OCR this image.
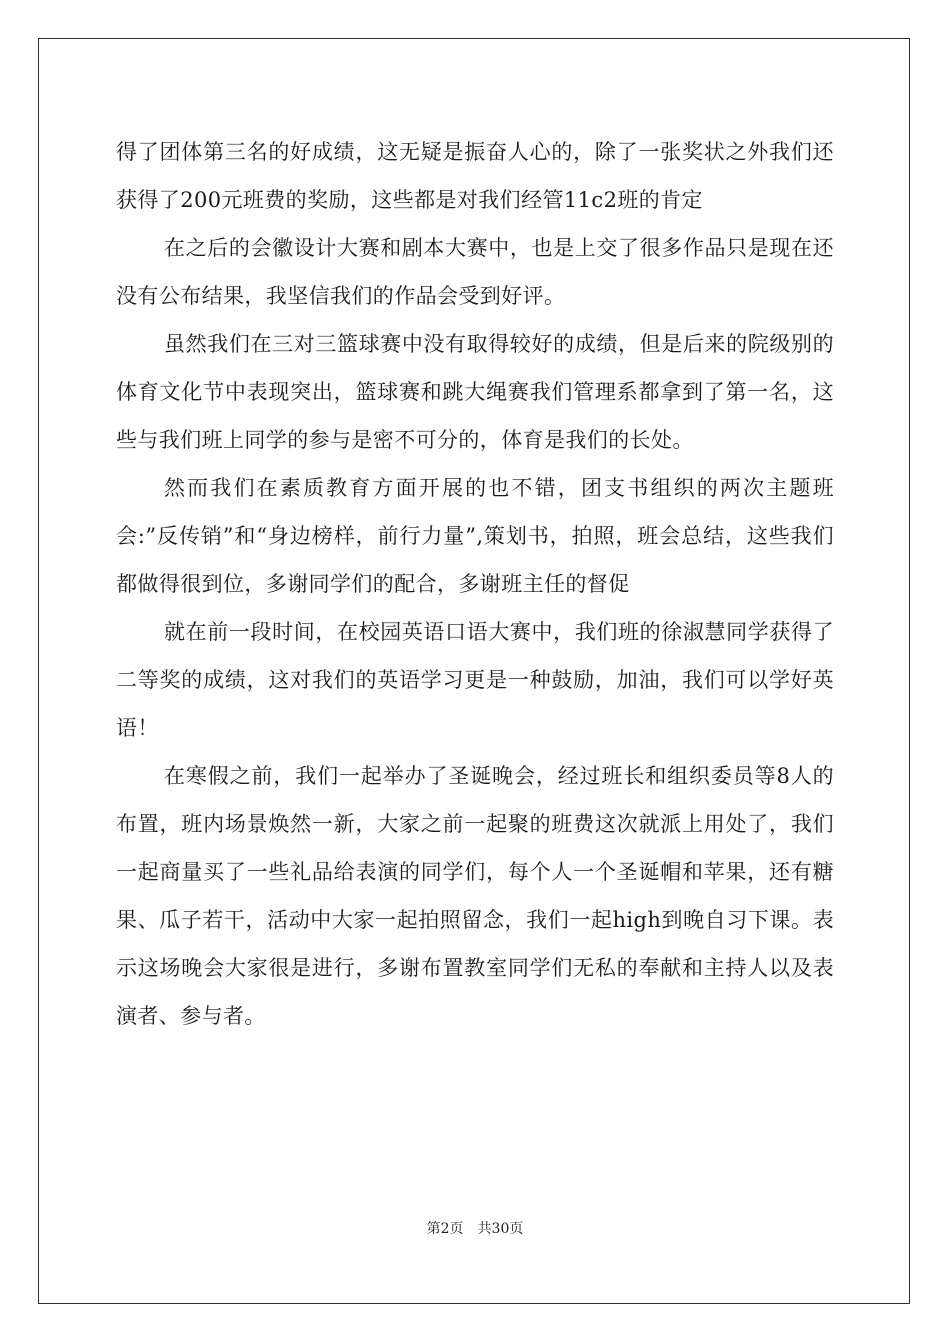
得了团体第三名的好成绩，这无疑是振奋人心的，除了一张奖状之外我们还获得了200元班费的奖励，这些都是对我们经管11c2班的肯定

在之后的会徽设计大赛和剧本大赛中，也是上交了很多作品只是现在还没有公布结果，我坚信我们的作品会受到好评。

虽然我们在三对三篮球赛中没有取得较好的成绩，但是后来的院级别的体育文化节中表现突出，篮球赛和跳大绳赛我们管理系都拿到了第一名，这些与我们班上同学的参与是密不可分的，体育是我们的长处。

然而我们在素质教育方面开展的也不错，团支书组织的两次主题班会:”反传销”和“身边榜样，前行力量”,策划书，拍照，班会总结，这些我们都做得很到位，多谢同学们的配合，多谢班主任的督促

就在前一段时间，在校园英语口语大赛中，我们班的徐淑慧同学获得了二等奖的成绩，这对我们的英语学习更是一种鼓励，加油，我们可以学好英语！

在寒假之前，我们一起举办了圣诞晚会，经过班长和组织委员等8人的布置，班内场景焕然一新，大家之前一起聚的班费这次就派上用处了，我们一起商量买了一些礼品给表演的同学们，每个人一个圣诞帽和苹果，还有糖果、瓜子若干，活动中大家一起拍照留念，我们一起high到晚自习下课。表示这场晚会大家很是进行，多谢布置教室同学们无私的奉献和主持人以及表演者、参与者。

第2页 共30页
